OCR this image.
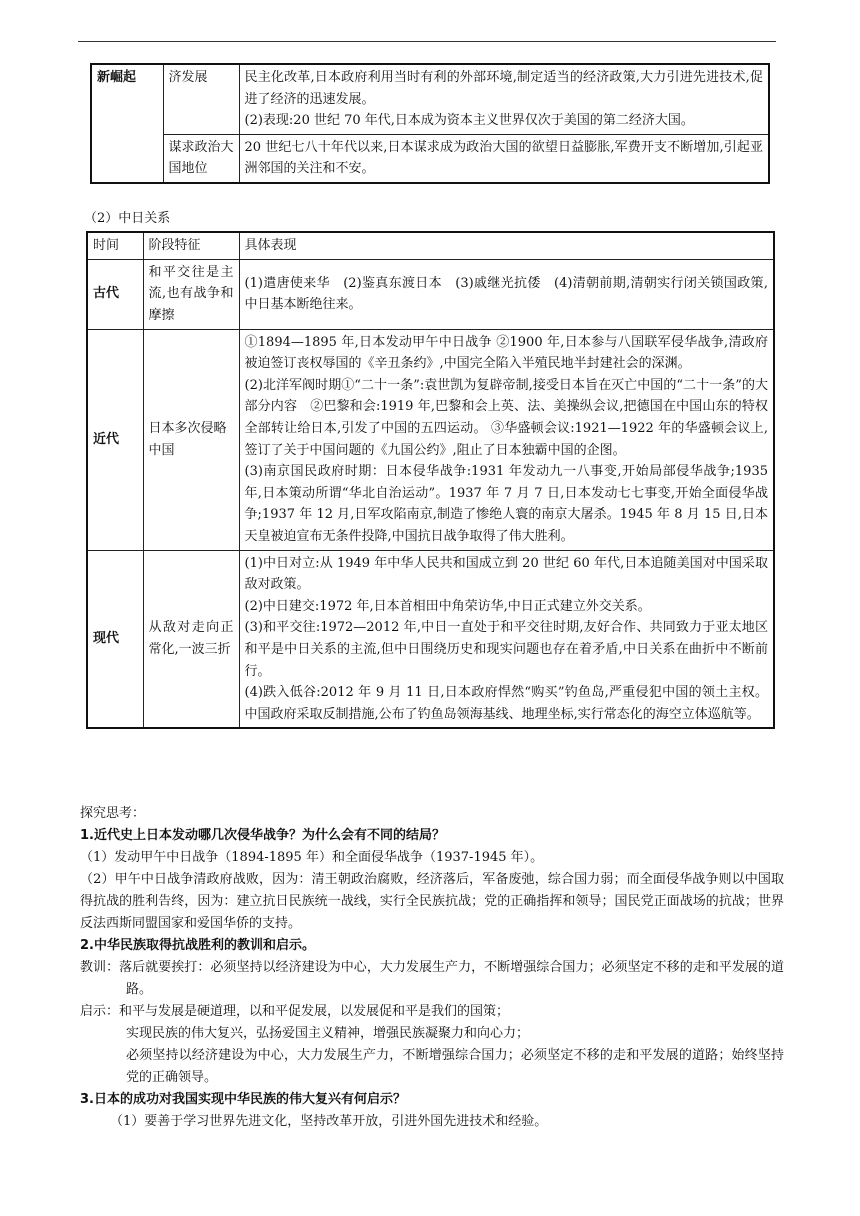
新崛起	济发展	民主化改革,日本政府利用当时有利的外部环境,制定适当的经济政策,大力引进先进技术,促进了经济的迅速发展。
(2)表现:20 世纪 70 年代,日本成为资本主义世界仅次于美国的第二经济大国。

	谋求政治大国地位	20 世纪七八十年代以来,日本谋求成为政治大国的欲望日益膨胀,军费开支不断增加,引起亚洲邻国的关注和不安。
（2）中日关系
时间	阶段特征	具体表现
古代	和平交往是主流,也有战争和摩擦	(1)遣唐使来华　(2)鉴真东渡日本　(3)戚继光抗倭　(4)清朝前期,清朝实行闭关锁国政策,中日基本断绝往来。

近代	日本多次侵略中国	①1894—1895 年,日本发动甲午中日战争 ②1900 年,日本参与八国联军侵华战争,清政府被迫签订丧权辱国的《辛丑条约》,中国完全陷入半殖民地半封建社会的深渊。
(2)北洋军阀时期①“二十一条”:袁世凯为复辟帝制,接受日本旨在灭亡中国的“二十一条”的大部分内容　②巴黎和会:1919 年,巴黎和会上英、法、美操纵会议,把德国在中国山东的特权全部转让给日本,引发了中国的五四运动。 ③华盛顿会议:1921—1922 年的华盛顿会议上,签订了关于中国问题的《九国公约》,阻止了日本独霸中国的企图。
(3)南京国民政府时期：日本侵华战争:1931 年发动九一八事变,开始局部侵华战争;1935 年,日本策动所谓“华北自治运动”。1937 年 7 月 7 日,日本发动七七事变,开始全面侵华战争;1937 年 12 月,日军攻陷南京,制造了惨绝人寰的南京大屠杀。1945 年 8 月 15 日,日本天皇被迫宣布无条件投降,中国抗日战争取得了伟大胜利。

现代	从敌对走向正常化,一波三折	(1)中日对立:从 1949 年中华人民共和国成立到 20 世纪 60 年代,日本追随美国对中国采取敌对政策。
(2)中日建交:1972 年,日本首相田中角荣访华,中日正式建立外交关系。
(3)和平交往:1972—2012 年,中日一直处于和平交往时期,友好合作、共同致力于亚太地区和平是中日关系的主流,但中日围绕历史和现实问题也存在着矛盾,中日关系在曲折中不断前行。
(4)跌入低谷:2012 年 9 月 11 日,日本政府悍然“购买”钓鱼岛,严重侵犯中国的领土主权。中国政府采取反制措施,公布了钓鱼岛领海基线、地理坐标,实行常态化的海空立体巡航等。

探究思考：

1.近代史上日本发动哪几次侵华战争？为什么会有不同的结局？

（1）发动甲午中日战争（1894-1895 年）和全面侵华战争（1937-1945 年）。

（2）甲午中日战争清政府战败，因为：清王朝政治腐败，经济落后，军备废弛，综合国力弱；而全面侵华战争则以中国取得抗战的胜利告终，因为：建立抗日民族统一战线，实行全民族抗战；党的正确指挥和领导；国民党正面战场的抗战；世界反法西斯同盟国家和爱国华侨的支持。

2.中华民族取得抗战胜利的教训和启示。

教训：落后就要挨打：必须坚持以经济建设为中心，大力发展生产力，不断增强综合国力；必须坚定不移的走和平发展的道路。

启示：和平与发展是硬道理，以和平促发展，以发展促和平是我们的国策；

实现民族的伟大复兴，弘扬爱国主义精神，增强民族凝聚力和向心力；

必须坚持以经济建设为中心，大力发展生产力，不断增强综合国力；必须坚定不移的走和平发展的道路；始终坚持党的正确领导。

3.日本的成功对我国实现中华民族的伟大复兴有何启示？

（1）要善于学习世界先进文化，坚持改革开放，引进外国先进技术和经验。
